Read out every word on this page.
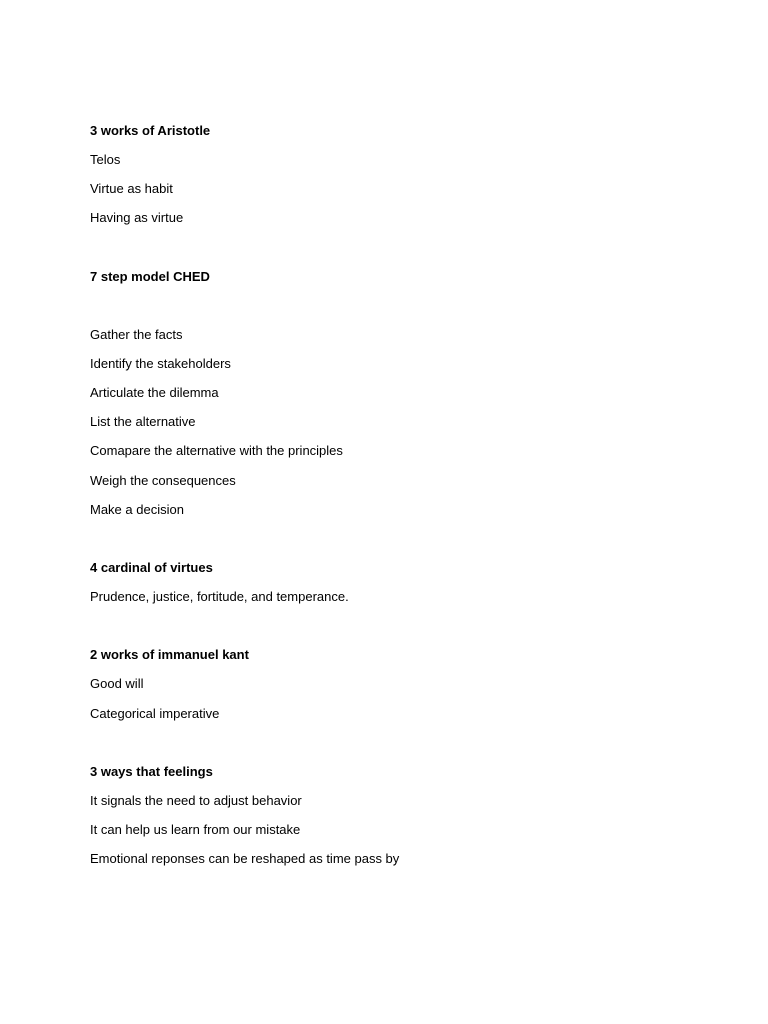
3 works of Aristotle

Telos

Virtue as habit

Having as virtue

7 step model CHED

Gather the facts

Identify the stakeholders

Articulate the dilemma

List the alternative

Comapare the alternative with the principles

Weigh the consequences

Make a decision

4 cardinal of virtues

Prudence, justice, fortitude, and temperance.

2 works of immanuel kant

Good will

Categorical imperative

3 ways that feelings

It signals the need to adjust behavior

It can help us learn from our mistake

Emotional reponses can be reshaped as time pass by
